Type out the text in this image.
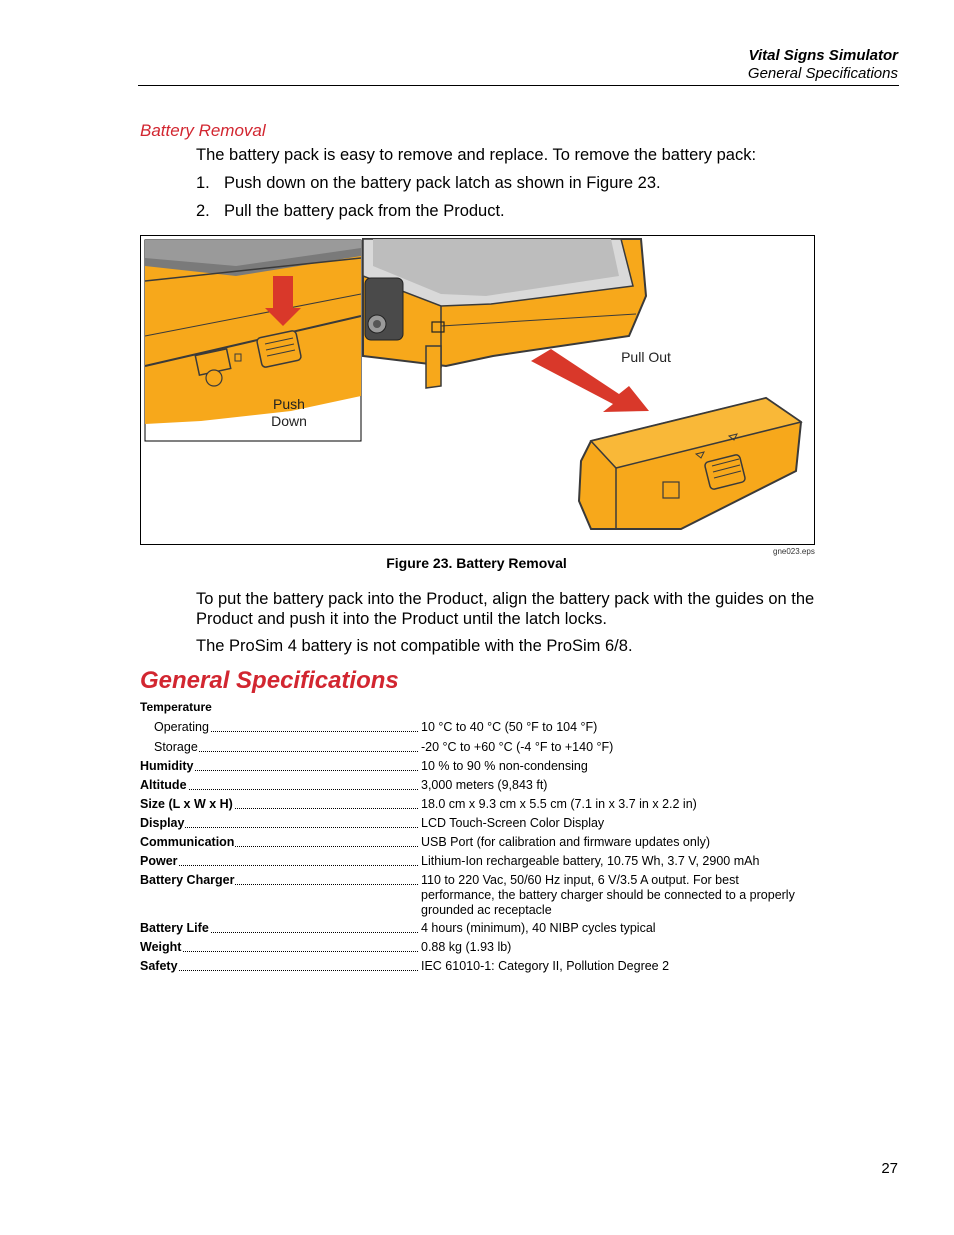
Vital Signs Simulator
General Specifications
Battery Removal
The battery pack is easy to remove and replace. To remove the battery pack:
1. Push down on the battery pack latch as shown in Figure 23.
2. Pull the battery pack from the Product.
Push
Down
Pull Out
gne023.eps
Figure 23. Battery Removal
To put the battery pack into the Product, align the battery pack with the guides on the Product and push it into the Product until the latch locks.
The ProSim 4 battery is not compatible with the ProSim 6/8.
General Specifications
Temperature
Operating	10 °C to 40 °C (50 °F to 104 °F)
Storage	-20 °C to +60 °C (-4 °F to +140 °F)
Humidity	10 % to 90 % non-condensing
Altitude	3,000 meters (9,843 ft)
Size (L x W x H)	18.0 cm x 9.3 cm x 5.5 cm (7.1 in x 3.7 in x 2.2 in)
Display	LCD Touch-Screen Color Display
Communication	USB Port (for calibration and firmware updates only)
Power	Lithium-Ion rechargeable battery, 10.75 Wh, 3.7 V, 2900 mAh
Battery Charger	110 to 220 Vac, 50/60 Hz input, 6 V/3.5 A output. For best performance, the battery charger should be connected to a properly grounded ac receptacle
Battery Life	4 hours (minimum), 40 NIBP cycles typical
Weight	0.88 kg (1.93 lb)
Safety	IEC 61010-1: Category II, Pollution Degree 2
27
